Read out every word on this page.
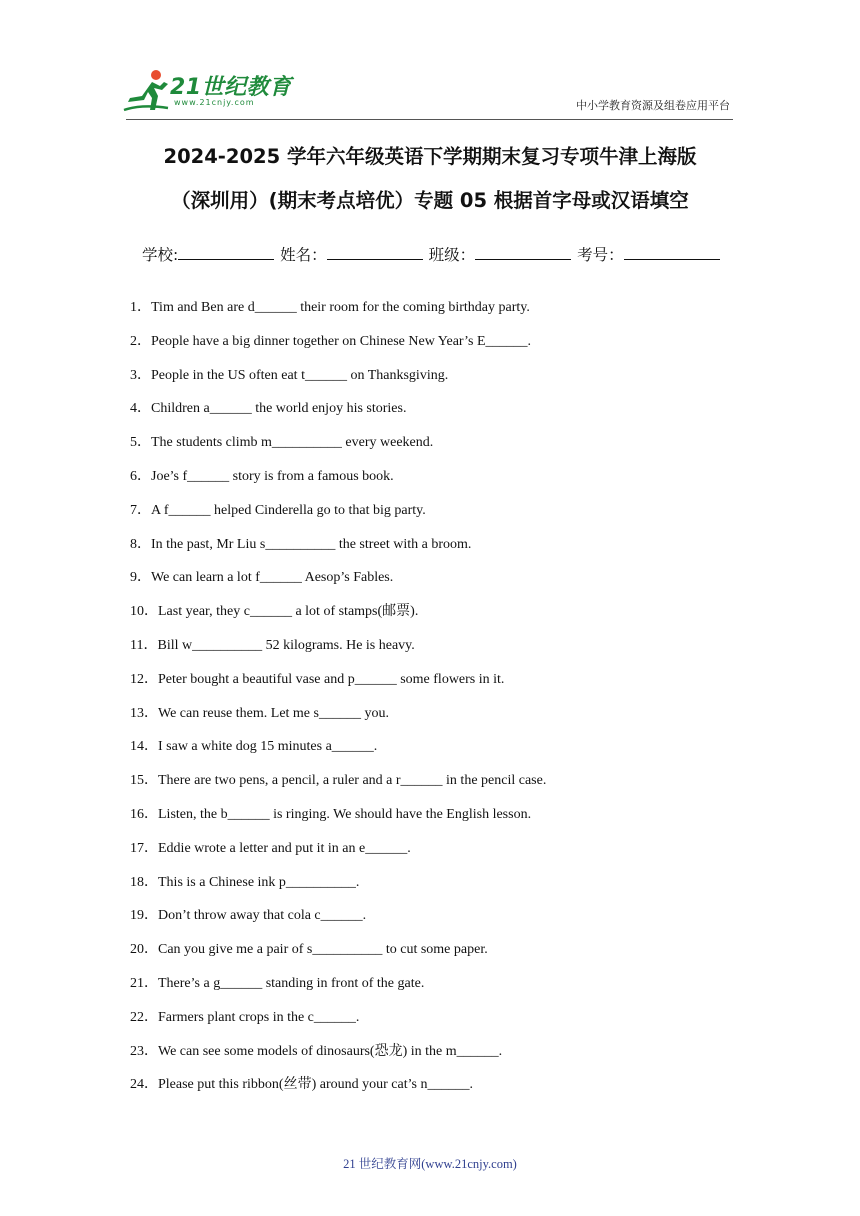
21世纪教育
www.21cnjy.com	中小学教育资源及组卷应用平台
2024-2025 学年六年级英语下学期期末复习专项牛津上海版
（深圳用）(期末考点培优）专题 05 根据首字母或汉语填空
学校:	姓名：	班级：	考号：
1．Tim and Ben are d______ their room for the coming birthday party.
2．People have a big dinner together on Chinese New Year’s E______.
3．People in the US often eat t______ on Thanksgiving.
4．Children a______ the world enjoy his stories.
5．The students climb m__________ every weekend.
6．Joe’s f______ story is from a famous book.
7．A f______ helped Cinderella go to that big party.
8．In the past, Mr Liu s__________ the street with a broom.
9．We can learn a lot f______ Aesop’s Fables.
10．Last year, they c______ a lot of stamps(邮票).
11．Bill w__________ 52 kilograms. He is heavy.
12．Peter bought a beautiful vase and p______ some flowers in it.
13．We can reuse them. Let me s______ you.
14．I saw a white dog 15 minutes a______.
15．There are two pens, a pencil, a ruler and a r______ in the pencil case.
16．Listen, the b______ is ringing. We should have the English lesson.
17．Eddie wrote a letter and put it in an e______.
18．This is a Chinese ink p__________.
19．Don’t throw away that cola c______.
20．Can you give me a pair of s__________ to cut some paper.
21．There’s a g______ standing in front of the gate.
22．Farmers plant crops in the c______.
23．We can see some models of dinosaurs(恐龙) in the m______.
24．Please put this ribbon(丝带) around your cat’s n______.
21 世纪教育网(www.21cnjy.com)
